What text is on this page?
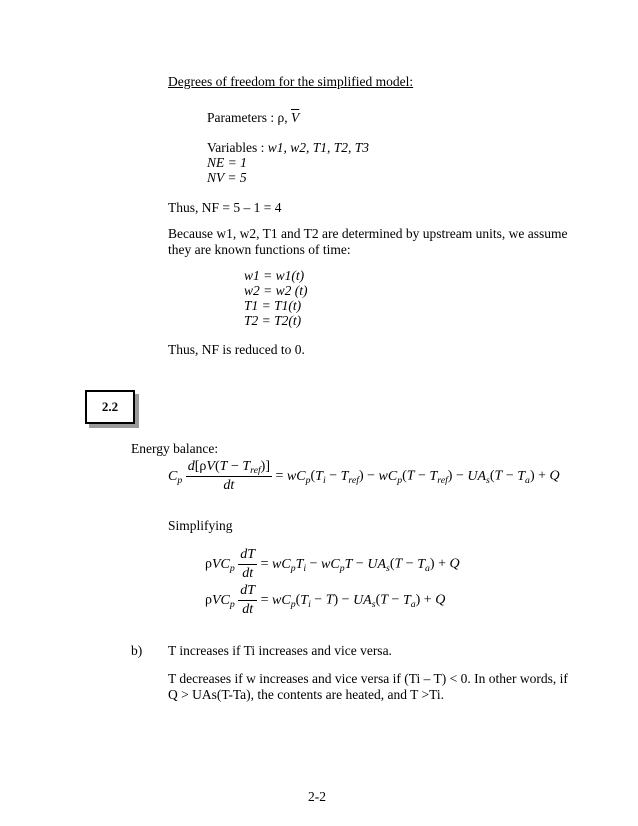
Degrees of freedom for the simplified model:
Parameters : ρ, $\overline{V}$
Variables : w1, w2, T1, T2, T3
NE = 1
NV = 5
Thus, NF = 5 – 1 = 4
Because w1, w2, T1 and T2 are determined by upstream units, we assume
they are known functions of time:
w1 = w1(t)
w2 = w2 (t)
T1 = T1(t)
T2 = T2(t)
Thus, NF is reduced to 0.
2.2
Energy balance:
$C_p \frac{d[\rho V(T - T_{ref})]}{dt} = wC_p(T_i - T_{ref}) - wC_p(T - T_{ref}) - UA_s(T - T_a) + Q$
Simplifying
$\rho VC_p \frac{dT}{dt} = wC_pT_i - wC_pT - UA_s(T - T_a) + Q$
$\rho VC_p \frac{dT}{dt} = wC_p(T_i - T) - UA_s(T - T_a) + Q$
b) T increases if Ti increases and vice versa.
T decreases if w increases and vice versa if (Ti – T) < 0. In other words, if
Q > UAs(T-Ta), the contents are heated, and T >Ti.
2-2
